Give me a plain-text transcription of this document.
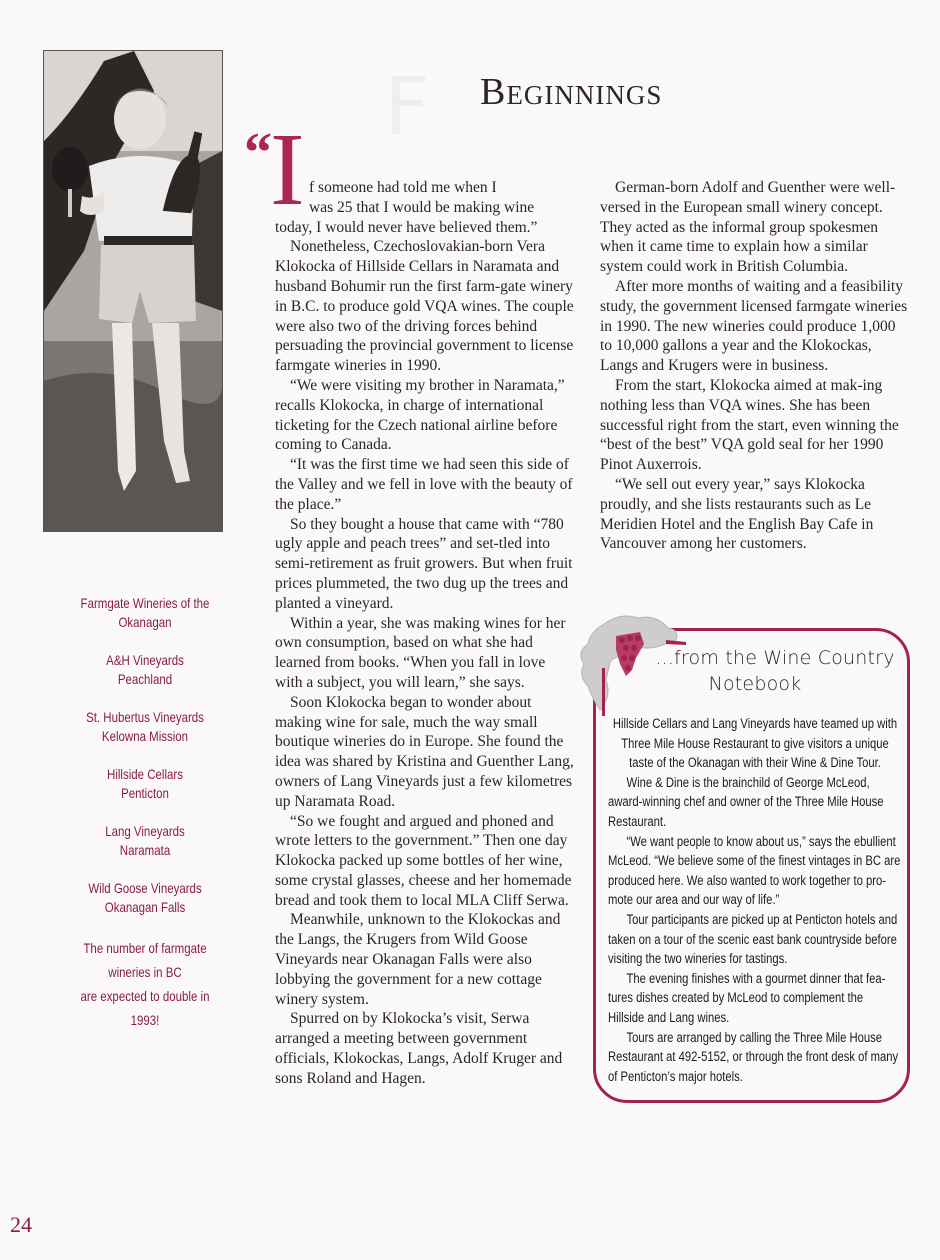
ꟻ
Farmgate Wineries of the
Okanagan
A&H Vineyards
Peachland
St. Hubertus Vineyards
Kelowna Mission
Hillside Cellars
Penticton
Lang Vineyards
Naramata
Wild Goose Vineyards
Okanagan Falls
The number of farmgate
wineries in BC
are expected to double in
1993!
Beginnings
“
I f someone had told me when I
was 25 that I would be making wine
today, I would never have believed them.”

Nonetheless, Czechoslovakian-born Vera Klokocka of Hillside Cellars in Naramata and husband Bohumir run the first farm-gate winery in B.C. to produce gold VQA wines. The couple were also two of the driving forces behind persuading the provincial government to license farmgate wineries in 1990.

“We were visiting my brother in Naramata,” recalls Klokocka, in charge of international ticketing for the Czech national airline before coming to Canada.

“It was the first time we had seen this side of the Valley and we fell in love with the beauty of the place.”

So they bought a house that came with “780 ugly apple and peach trees” and set-tled into semi-retirement as fruit growers. But when fruit prices plummeted, the two dug up the trees and planted a vineyard.

Within a year, she was making wines for her own consumption, based on what she had learned from books. “When you fall in love with a subject, you will learn,” she says.

Soon Klokocka began to wonder about making wine for sale, much the way small boutique wineries do in Europe. She found the idea was shared by Kristina and Guenther Lang, owners of Lang Vineyards just a few kilometres up Naramata Road.

“So we fought and argued and phoned and wrote letters to the government.” Then one day Klokocka packed up some bottles of her wine, some crystal glasses, cheese and her homemade bread and took them to local MLA Cliff Serwa.

Meanwhile, unknown to the Klokockas and the Langs, the Krugers from Wild Goose Vineyards near Okanagan Falls were also lobbying the government for a new cottage winery system.

Spurred on by Klokocka’s visit, Serwa arranged a meeting between government officials, Klokockas, Langs, Adolf Kruger and sons Roland and Hagen.

German-born Adolf and Guenther were well-versed in the European small winery concept. They acted as the informal group spokesmen when it came time to explain how a similar system could work in British Columbia.

After more months of waiting and a feasibility study, the government licensed farmgate wineries in 1990. The new wineries could produce 1,000 to 10,000 gallons a year and the Klokockas, Langs and Krugers were in business.

From the start, Klokocka aimed at mak-ing nothing less than VQA wines. She has been successful right from the start, even winning the “best of the best” VQA gold seal for her 1990 Pinot Auxerrois.

“We sell out every year,” says Klokocka proudly, and she lists restaurants such as Le Meridien Hotel and the English Bay Cafe in Vancouver among her customers.

...from the Wine Country
Notebook

Hillside Cellars and Lang Vineyards have teamed up with Three Mile House Restaurant to give visitors a unique taste of the Okanagan with their Wine & Dine Tour.

Wine & Dine is the brainchild of George McLeod, award-winning chef and owner of the Three Mile House Restaurant.

“We want people to know about us,” says the ebullient McLeod. “We believe some of the finest vintages in BC are produced here. We also wanted to work together to pro-mote our area and our way of life.”

Tour participants are picked up at Penticton hotels and taken on a tour of the scenic east bank countryside before visiting the two wineries for tastings.

The evening finishes with a gourmet dinner that fea-tures dishes created by McLeod to complement the Hillside and Lang wines.

Tours are arranged by calling the Three Mile House Restaurant at 492-5152, or through the front desk of many of Penticton’s major hotels.

24
